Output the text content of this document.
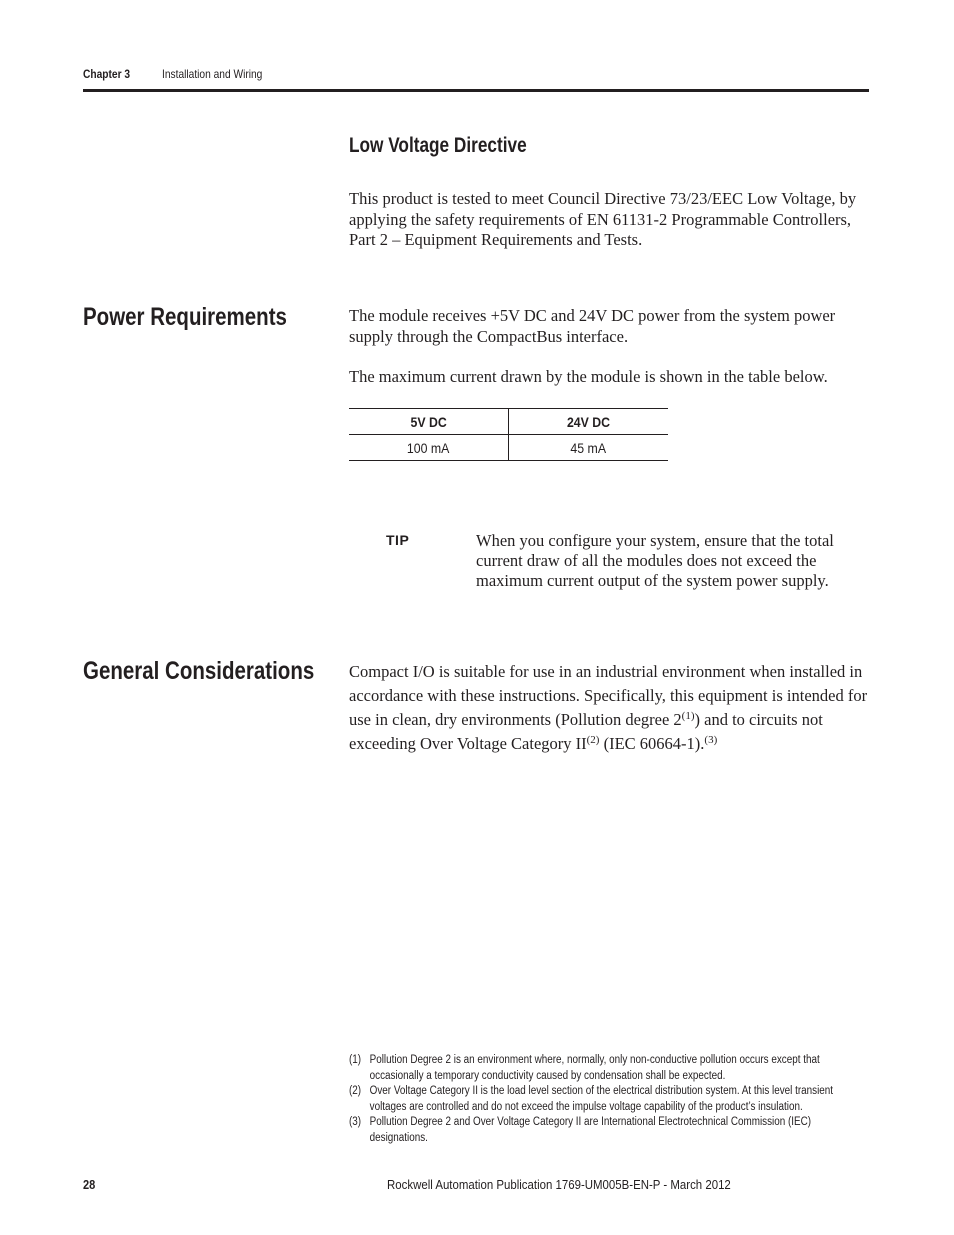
Chapter 3	Installation and Wiring
Low Voltage Directive
This product is tested to meet Council Directive 73/23/EEC Low Voltage, by applying the safety requirements of EN 61131-2 Programmable Controllers, Part 2 – Equipment Requirements and Tests.
Power Requirements	The module receives +5V DC and 24V DC power from the system power supply through the CompactBus interface.
The maximum current drawn by the module is shown in the table below.
5V DC	24V DC
100 mA	45 mA
TIP	When you configure your system, ensure that the total current draw of all the modules does not exceed the maximum current output of the system power supply.
General Considerations Compact I/O is suitable for use in an industrial environment when installed in accordance with these instructions. Specifically, this equipment is intended for use in clean, dry environments (Pollution degree 2$^{(1)}$) and to circuits not exceeding Over Voltage Category II$^{(2)}$ (IEC 60664-1).$^{(3)}$
(1) Pollution Degree 2 is an environment where, normally, only non-conductive pollution occurs except that
occasionally a temporary conductivity caused by condensation shall be expected.
(2) Over Voltage Category II is the load level section of the electrical distribution system. At this level transient
voltages are controlled and do not exceed the impulse voltage capability of the product’s insulation.
(3) Pollution Degree 2 and Over Voltage Category II are International Electrotechnical Commission (IEC)
designations.
28	Rockwell Automation Publication 1769-UM005B-EN-P - March 2012
